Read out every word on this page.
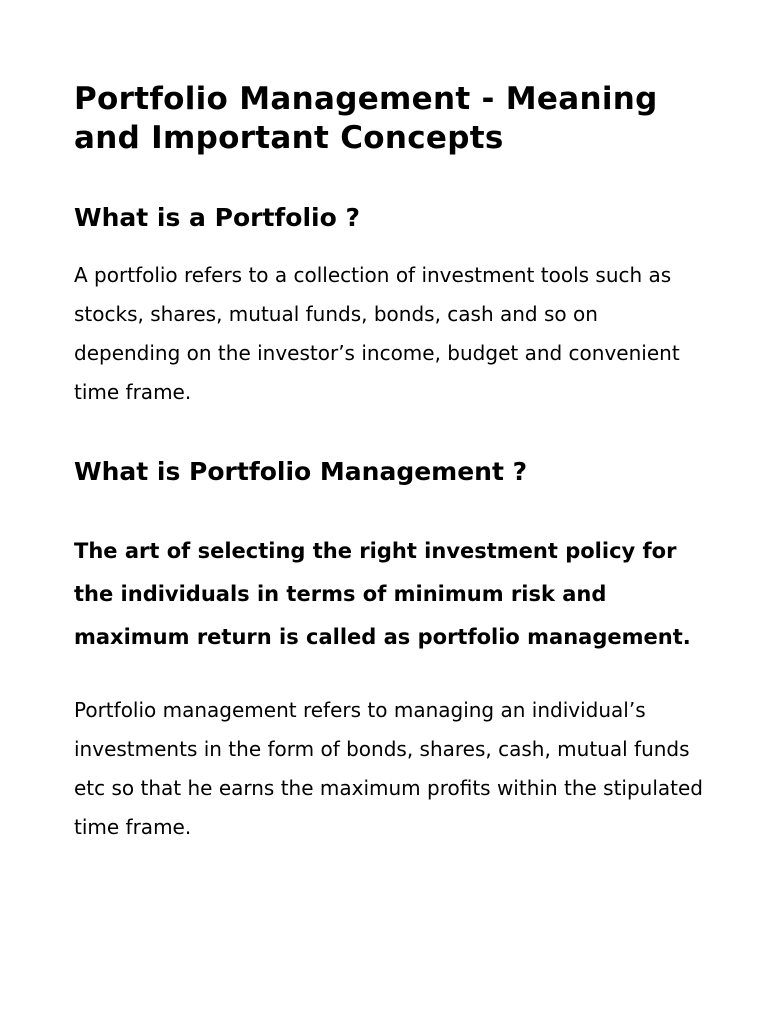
Portfolio Management - Meaning and Important Concepts
What is a Portfolio ?

A portfolio refers to a collection of investment tools such as stocks, shares, mutual funds, bonds, cash and so on depending on the investor’s income, budget and convenient time frame.

What is Portfolio Management ?

The art of selecting the right investment policy for the individuals in terms of minimum risk and maximum return is called as portfolio management.

Portfolio management refers to managing an individual’s investments in the form of bonds, shares, cash, mutual funds etc so that he earns the maximum profits within the stipulated time frame.
